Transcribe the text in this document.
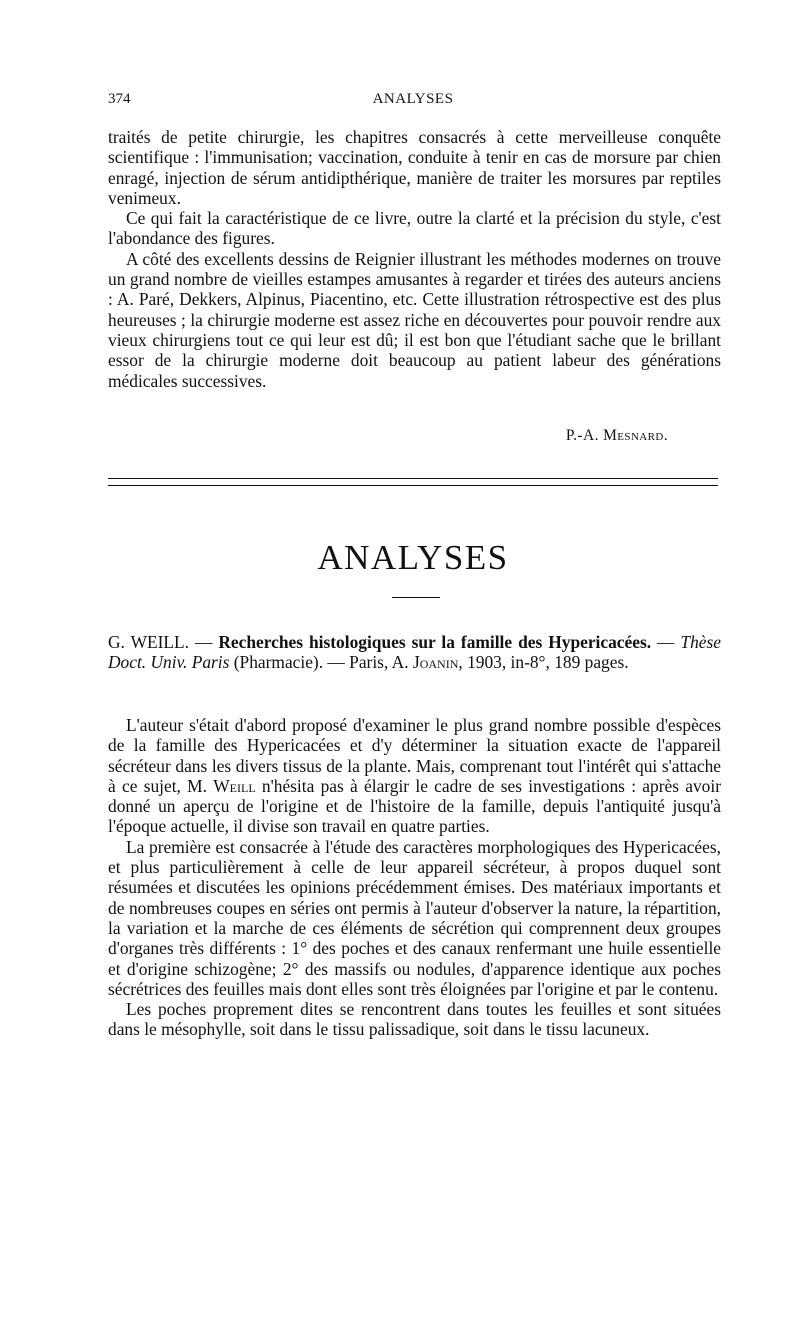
374	ANALYSES

traités de petite chirurgie, les chapitres consacrés à cette merveilleuse conquête scientifique : l'immunisation; vaccination, conduite à tenir en cas de morsure par chien enragé, injection de sérum antidipthérique, manière de traiter les morsures par reptiles venimeux.

Ce qui fait la caractéristique de ce livre, outre la clarté et la précision du style, c'est l'abondance des figures.

A côté des excellents dessins de Reignier illustrant les méthodes modernes on trouve un grand nombre de vieilles estampes amusantes à regarder et tirées des auteurs anciens : A. Paré, Dekkers, Alpinus, Piacentino, etc. Cette illustration rétrospective est des plus heureuses ; la chirurgie moderne est assez riche en découvertes pour pouvoir rendre aux vieux chirurgiens tout ce qui leur est dû; il est bon que l'étudiant sache que le brillant essor de la chirurgie moderne doit beaucoup au patient labeur des générations médicales successives.

P.-A. Mesnard.
ANALYSES

G. WEILL. — Recherches histologiques sur la famille des Hypericacées. — Thèse Doct. Univ. Paris (Pharmacie). — Paris, A. Joanin, 1903, in-8°, 189 pages.

L'auteur s'était d'abord proposé d'examiner le plus grand nombre possible d'espèces de la famille des Hypericacées et d'y déterminer la situation exacte de l'appareil sécréteur dans les divers tissus de la plante. Mais, comprenant tout l'intérêt qui s'attache à ce sujet, M. Weill n'hésita pas à élargir le cadre de ses investigations : après avoir donné un aperçu de l'origine et de l'histoire de la famille, depuis l'antiquité jusqu'à l'époque actuelle, il divise son travail en quatre parties.

La première est consacrée à l'étude des caractères morphologiques des Hypericacées, et plus particulièrement à celle de leur appareil sécréteur, à propos duquel sont résumées et discutées les opinions précédemment émises. Des matériaux importants et de nombreuses coupes en séries ont permis à l'auteur d'observer la nature, la répartition, la variation et la marche de ces éléments de sécrétion qui comprennent deux groupes d'organes très différents : 1° des poches et des canaux renfermant une huile essentielle et d'origine schizogène; 2° des massifs ou nodules, d'apparence identique aux poches sécrétrices des feuilles mais dont elles sont très éloignées par l'origine et par le contenu.

Les poches proprement dites se rencontrent dans toutes les feuilles et sont situées dans le mésophylle, soit dans le tissu palissadique, soit dans le tissu lacuneux.
